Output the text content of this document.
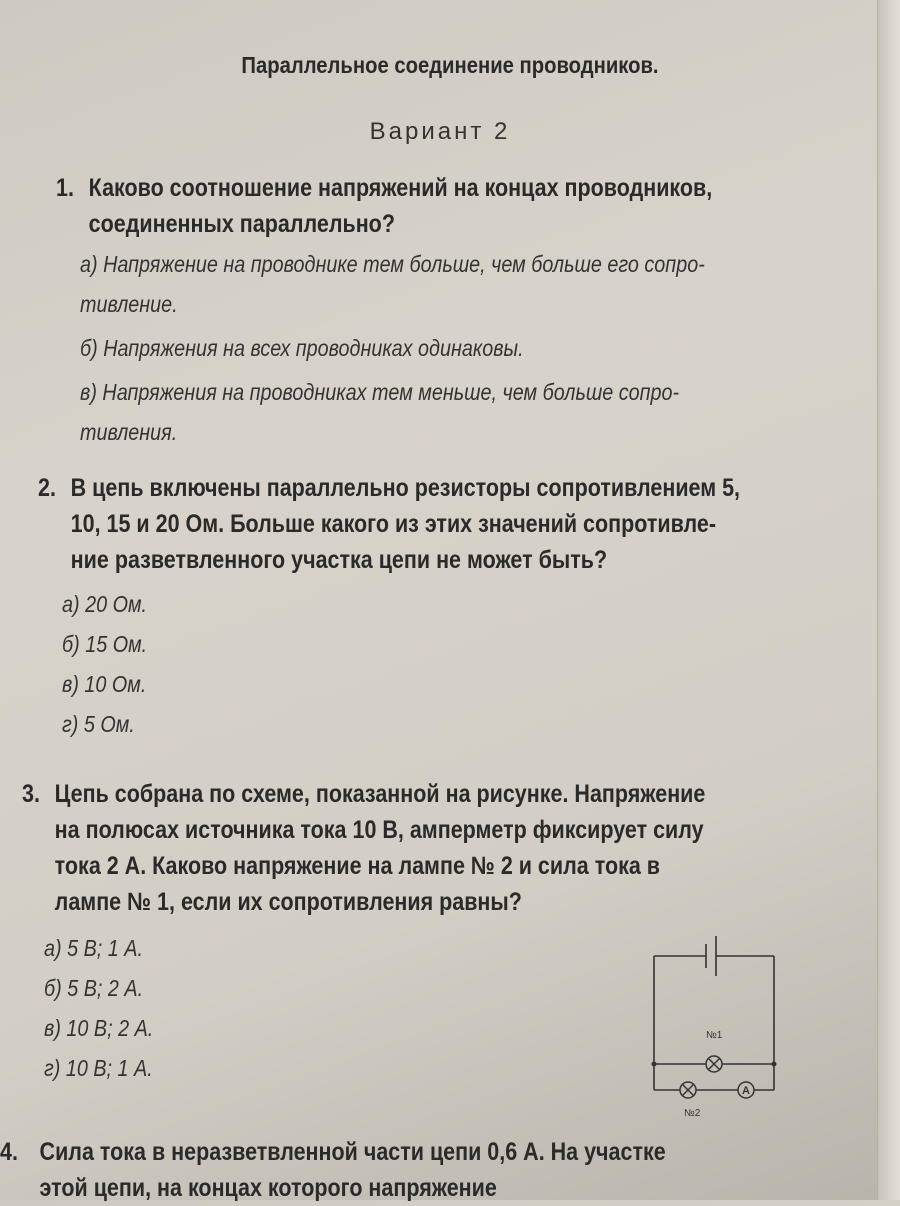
Параллельное соединение проводников.
Вариант 2
1. Каково соотношение напряжений на концах проводников,
соединенных параллельно?
а) Напряжение на проводнике тем больше, чем больше его сопро-
тивление.
б) Напряжения на всех проводниках одинаковы.
в) Напряжения на проводниках тем меньше, чем больше сопро-
тивления.
2. В цепь включены параллельно резисторы сопротивлением 5,
10, 15 и 20 Ом. Больше какого из этих значений сопротивле-
ние разветвленного участка цепи не может быть?
а) 20 Ом.
б) 15 Ом.
в) 10 Ом.
г) 5 Ом.
3. Цепь собрана по схеме, показанной на рисунке. Напряжение
на полюсах источника тока 10 В, амперметр фиксирует силу
тока 2 А. Каково напряжение на лампе № 2 и сила тока в
лампе № 1, если их сопротивления равны?
а) 5 В; 1 А.
б) 5 В; 2 А.
в) 10 В; 2 А.
г) 10 В; 1 А.
№1
№2
A
4. Сила тока в неразветвленной части цепи 0,6 А. На участке
этой цепи, на концах которого напряжение
